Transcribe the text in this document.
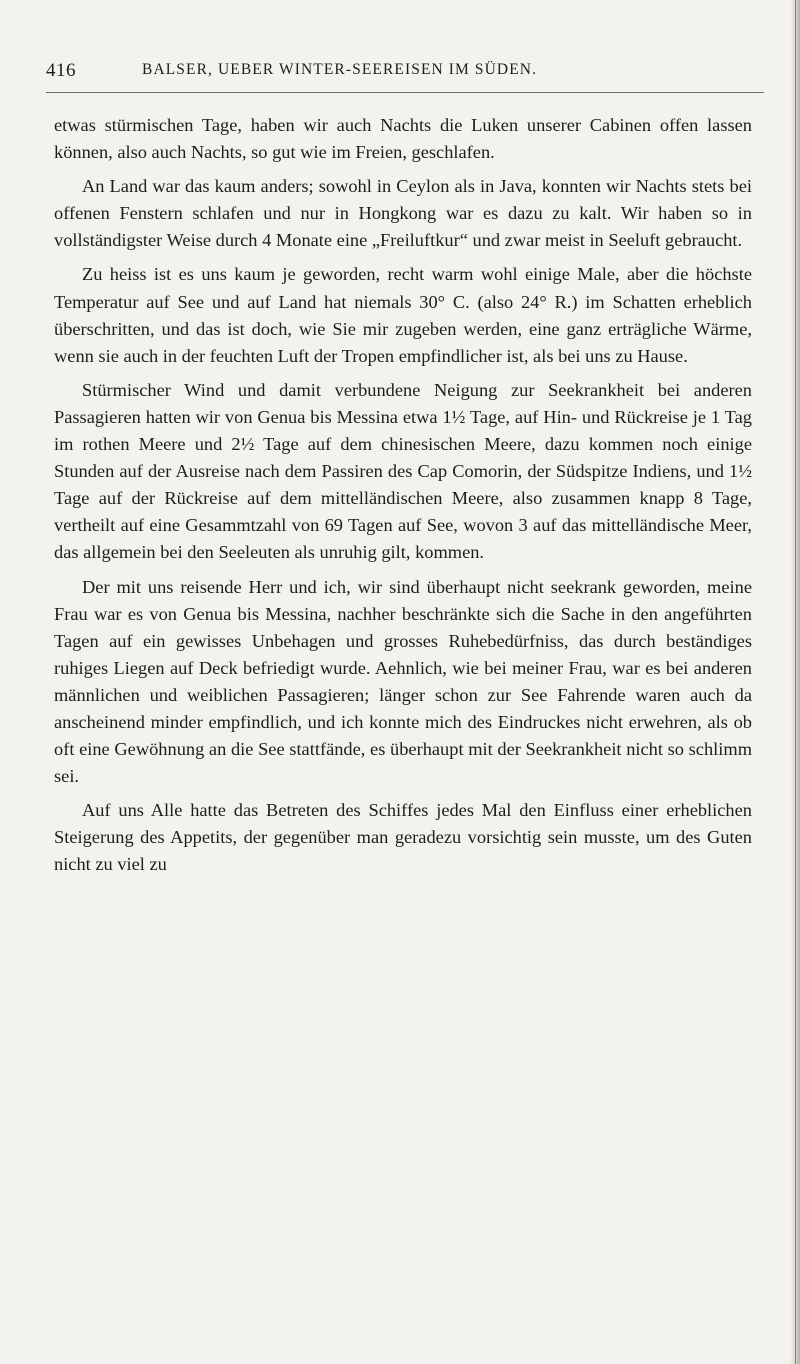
416	BALSER, UEBER WINTER-SEEREISEN IM SÜDEN.

etwas stürmischen Tage, haben wir auch Nachts die Luken unserer Cabinen offen lassen können, also auch Nachts, so gut wie im Freien, geschlafen.

An Land war das kaum anders; sowohl in Ceylon als in Java, konnten wir Nachts stets bei offenen Fenstern schlafen und nur in Hongkong war es dazu zu kalt. Wir haben so in vollständigster Weise durch 4 Monate eine „Freiluftkur“ und zwar meist in Seeluft gebraucht.

Zu heiss ist es uns kaum je geworden, recht warm wohl einige Male, aber die höchste Temperatur auf See und auf Land hat niemals 30° C. (also 24° R.) im Schatten erheblich überschritten, und das ist doch, wie Sie mir zugeben werden, eine ganz erträgliche Wärme, wenn sie auch in der feuchten Luft der Tropen empfindlicher ist, als bei uns zu Hause.

Stürmischer Wind und damit verbundene Neigung zur Seekrankheit bei anderen Passagieren hatten wir von Genua bis Messina etwa 1½ Tage, auf Hin- und Rückreise je 1 Tag im rothen Meere und 2½ Tage auf dem chinesischen Meere, dazu kommen noch einige Stunden auf der Ausreise nach dem Passiren des Cap Comorin, der Südspitze Indiens, und 1½ Tage auf der Rückreise auf dem mittelländischen Meere, also zusammen knapp 8 Tage, vertheilt auf eine Gesammtzahl von 69 Tagen auf See, wovon 3 auf das mittelländische Meer, das allgemein bei den Seeleuten als unruhig gilt, kommen.

Der mit uns reisende Herr und ich, wir sind überhaupt nicht seekrank geworden, meine Frau war es von Genua bis Messina, nachher beschränkte sich die Sache in den angeführten Tagen auf ein gewisses Unbehagen und grosses Ruhebedürfniss, das durch beständiges ruhiges Liegen auf Deck befriedigt wurde. Aehnlich, wie bei meiner Frau, war es bei anderen männlichen und weiblichen Passagieren; länger schon zur See Fahrende waren auch da anscheinend minder empfindlich, und ich konnte mich des Eindruckes nicht erwehren, als ob oft eine Gewöhnung an die See stattfände, es überhaupt mit der Seekrankheit nicht so schlimm sei.

Auf uns Alle hatte das Betreten des Schiffes jedes Mal den Einfluss einer erheblichen Steigerung des Appetits, der gegenüber man geradezu vorsichtig sein musste, um des Guten nicht zu viel zu
